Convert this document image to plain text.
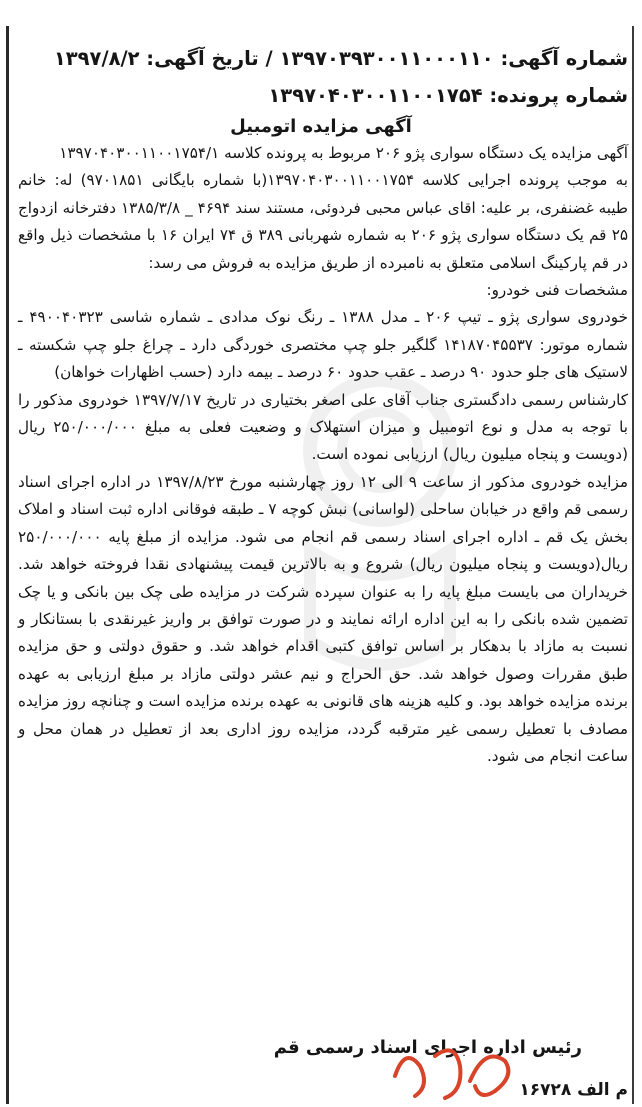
شماره آگهی: ۱۳۹۷۰۳۹۳۰۰۱۱۰۰۰۱۱۰ / تاریخ آگهی: ۱۳۹۷/۸/۲
شماره پرونده: ۱۳۹۷۰۴۰۳۰۰۱۱۰۰۱۷۵۴
آگهی مزایده اتومبیل

آگهی مزایده یک دستگاه سواری پژو ۲۰۶ مربوط به پرونده کلاسه ۱۳۹۷۰۴۰۳۰۰۱۱۰۰۱۷۵۴/۱

به موجب پرونده اجرایی کلاسه ۱۳۹۷۰۴۰۳۰۰۱۱۰۰۱۷۵۴(با شماره بایگانی ۹۷۰۱۸۵۱) له: خانم طیبه غضنفری، بر علیه: اقای عباس محبی فردوئی، مستند سند ۴۶۹۴ _ ۱۳۸۵/۳/۸ دفترخانه ازدواج ۲۵ قم یک دستگاه سواری پژو ۲۰۶ به شماره شهربانی ۳۸۹ ق ۷۴ ایران ۱۶ با مشخصات ذیل واقع در قم پارکینگ اسلامی متعلق به نامبرده از طریق مزایده به فروش می رسد:

مشخصات فنی خودرو:

خودروی سواری پژو ـ تیپ ۲۰۶ ـ مدل ۱۳۸۸ ـ رنگ نوک مدادی ـ شماره شاسی ۴۹۰۰۴۰۳۲۳ ـ شماره موتور: ۱۴۱۸۷۰۴۵۵۳۷ گلگیر جلو چپ مختصری خوردگی دارد ـ چراغ جلو چپ شکسته ـ لاستیک های جلو حدود ۹۰ درصد ـ عقب حدود ۶۰ درصد ـ بیمه دارد (حسب اظهارات خواهان)

کارشناس رسمی دادگستری جناب آقای علی اصغر بختیاری در تاریخ ۱۳۹۷/۷/۱۷ خودروی مذکور را با توجه به مدل و نوع اتومبیل و میزان استهلاک و وضعیت فعلی به مبلغ ۲۵۰/۰۰۰/۰۰۰ ریال (دویست و پنجاه میلیون ریال) ارزیابی نموده است.

مزایده خودروی مذکور از ساعت ۹ الی ۱۲ روز چهارشنبه مورخ ۱۳۹۷/۸/۲۳ در اداره اجرای اسناد رسمی قم واقع در خیابان ساحلی (لواسانی) نبش کوچه ۷ ـ طبقه فوقانی اداره ثبت اسناد و املاک بخش یک قم ـ اداره اجرای اسناد رسمی قم انجام می شود. مزایده از مبلغ پایه ۲۵۰/۰۰۰/۰۰۰ ریال(دویست و پنجاه میلیون ریال) شروع و به بالاترین قیمت پیشنهادی نقدا فروخته خواهد شد. خریداران می بایست مبلغ پایه را به عنوان سپرده شرکت در مزایده طی چک بین بانکی و یا چک تضمین شده بانکی را به این اداره ارائه نمایند و در صورت توافق بر واریز غیرنقدی با بستانکار و نسبت به مازاد با بدهکار بر اساس توافق کتبی اقدام خواهد شد. و حقوق دولتی و حق مزایده طبق مقررات وصول خواهد شد. حق الحراج و نیم عشر دولتی مازاد بر مبلغ ارزیابی به عهده برنده مزایده خواهد بود. و کلیه هزینه های قانونی به عهده برنده مزایده است و چنانچه روز مزایده مصادف با تعطیل رسمی غیر مترقبه گردد، مزایده روز اداری بعد از تعطیل در همان محل و ساعت انجام می شود.

رئیس اداره اجرای اسناد رسمی قم
م الف ۱۶۷۲۸
